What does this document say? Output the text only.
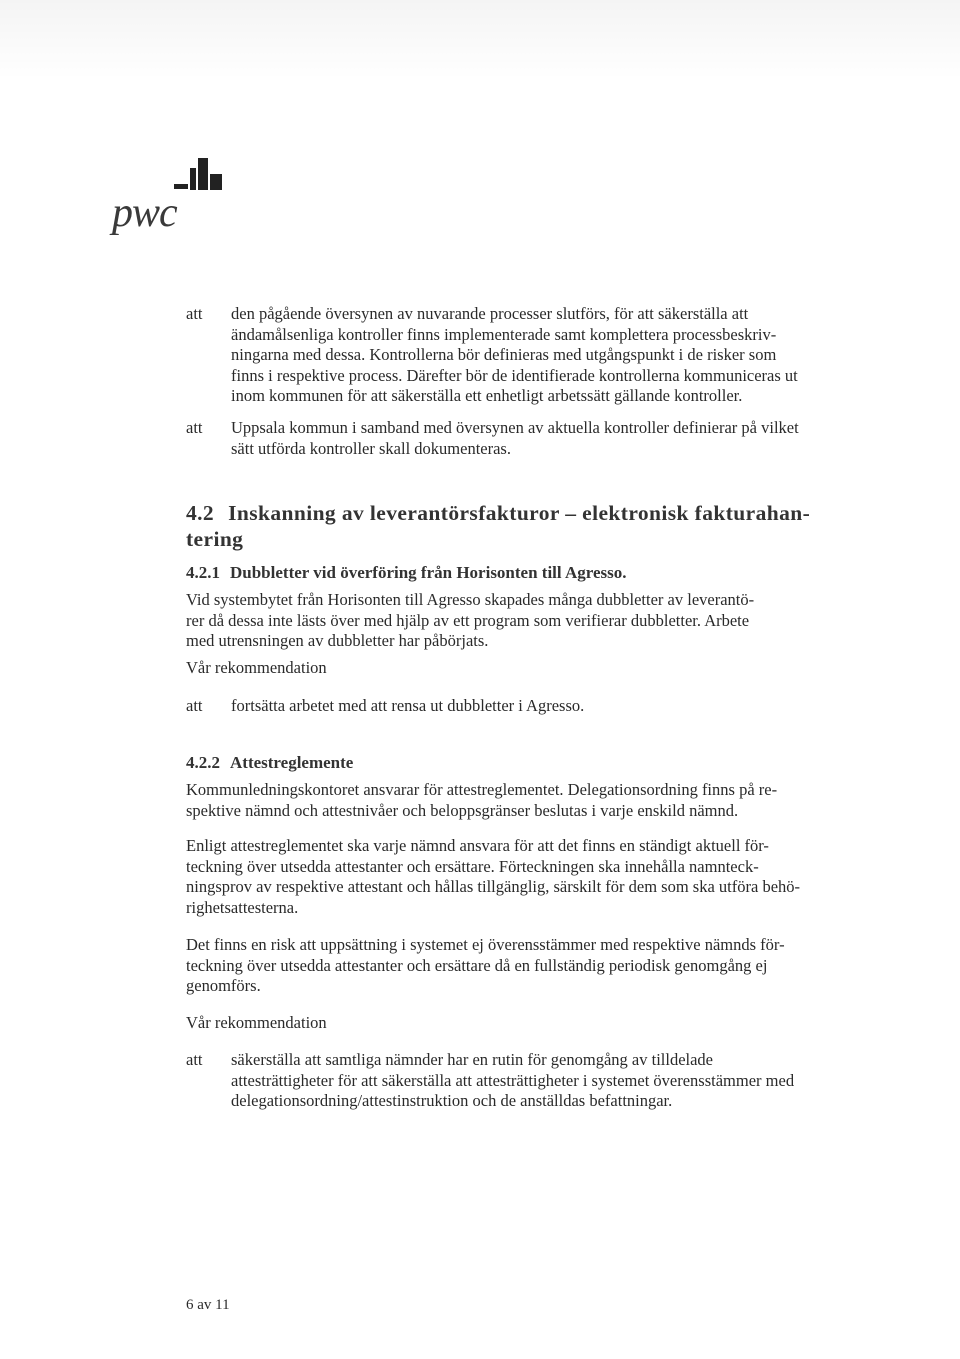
pwc
att den pågående översynen av nuvarande processer slutförs, för att säkerställa att
ändamålsenliga kontroller finns implementerade samt komplettera processbeskriv-
ningarna med dessa. Kontrollerna bör definieras med utgångspunkt i de risker som
finns i respektive process. Därefter bör de identifierade kontrollerna kommuniceras ut
inom kommunen för att säkerställa ett enhetligt arbetssätt gällande kontroller.
att Uppsala kommun i samband med översynen av aktuella kontroller definierar på vilket
sätt utförda kontroller skall dokumenteras.
4.2 Inskanning av leverantörsfakturor – elektronisk fakturahan-
tering
4.2.1 Dubbletter vid överföring från Horisonten till Agresso.
Vid systembytet från Horisonten till Agresso skapades många dubbletter av leverantö-
rer då dessa inte lästs över med hjälp av ett program som verifierar dubbletter. Arbete
med utrensningen av dubbletter har påbörjats.
Vår rekommendation
att fortsätta arbetet med att rensa ut dubbletter i Agresso.
4.2.2 Attestreglemente
Kommunledningskontoret ansvarar för attestreglementet. Delegationsordning finns på re-
spektive nämnd och attestnivåer och beloppsgränser beslutas i varje enskild nämnd.
Enligt attestreglementet ska varje nämnd ansvara för att det finns en ständigt aktuell för-
teckning över utsedda attestanter och ersättare. Förteckningen ska innehålla namnteck-
ningsprov av respektive attestant och hållas tillgänglig, särskilt för dem som ska utföra behö-
righetsattesterna.
Det finns en risk att uppsättning i systemet ej överensstämmer med respektive nämnds för-
teckning över utsedda attestanter och ersättare då en fullständig periodisk genomgång ej
genomförs.
Vår rekommendation
att säkerställa att samtliga nämnder har en rutin för genomgång av tilldelade
attesträttigheter för att säkerställa att attesträttigheter i systemet överensstämmer med
delegationsordning/attestinstruktion och de anställdas befattningar.
6 av 11
